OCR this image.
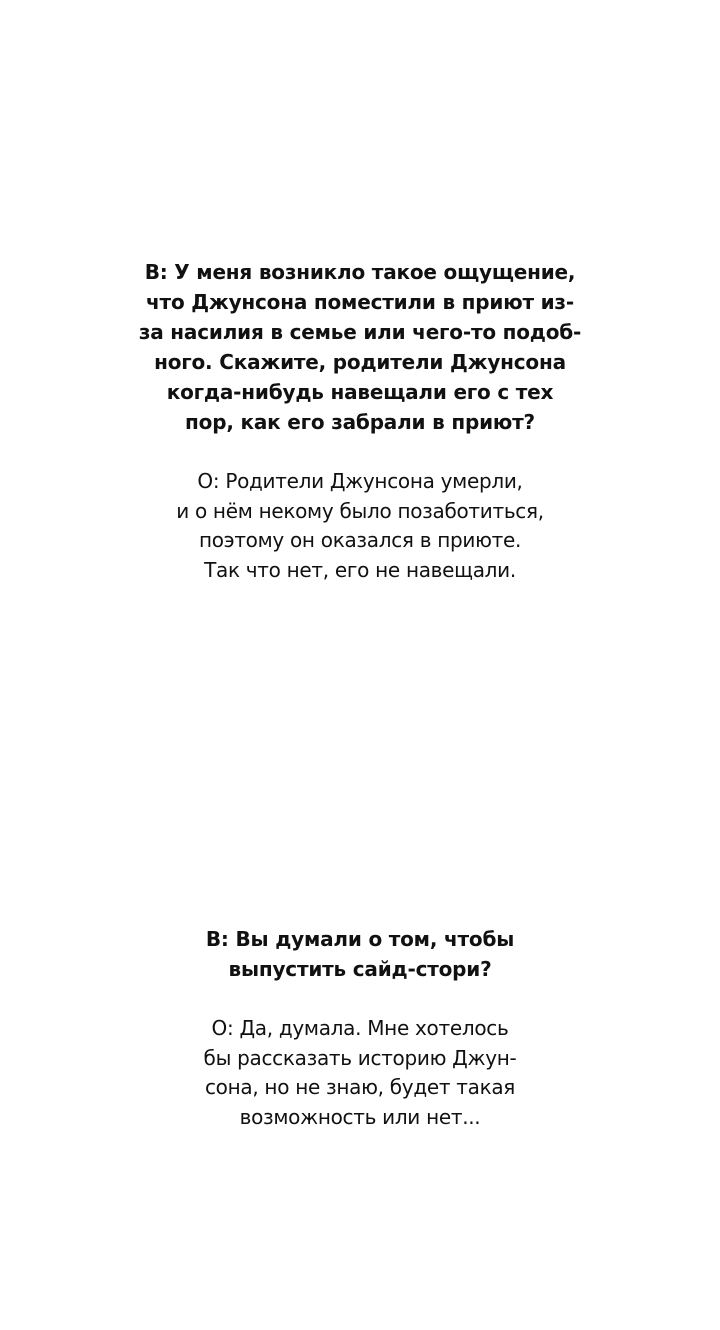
В: У меня возникло такое ощущение,

что Джунсона поместили в приют из-

за насилия в семье или чего-то подоб-

ного. Скажите, родители Джунсона

когда-нибудь навещали его с тех

пор, как его забрали в приют?

О: Родители Джунсона умерли,

и о нём некому было позаботиться,

поэтому он оказался в приюте.

Так что нет, его не навещали.

В: Вы думали о том, чтобы

выпустить сайд-стори?

О: Да, думала. Мне хотелось

бы рассказать историю Джун-

сона, но не знаю, будет такая

возможность или нет...
